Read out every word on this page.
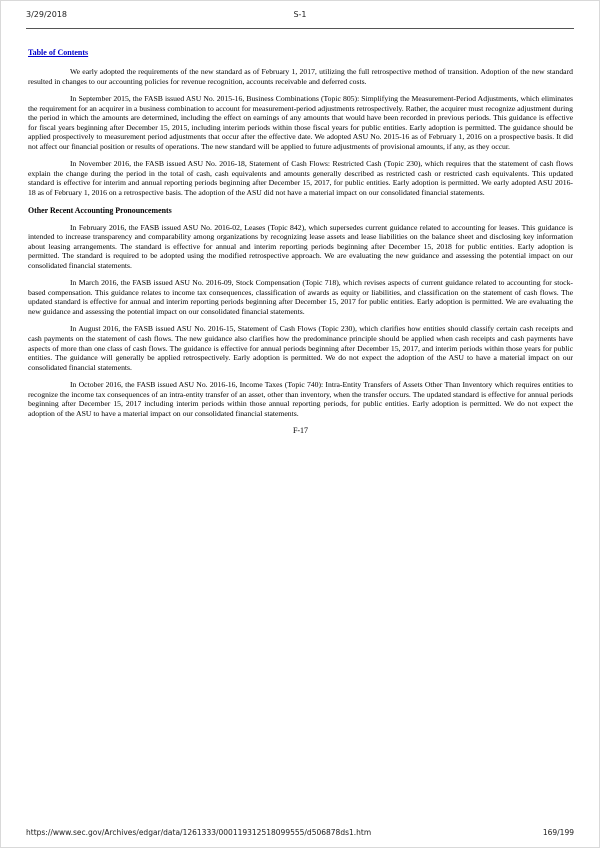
3/29/2018	S-1
Table of Contents

We early adopted the requirements of the new standard as of February 1, 2017, utilizing the full retrospective method of transition. Adoption of the new standard resulted in changes to our accounting policies for revenue recognition, accounts receivable and deferred costs.

In September 2015, the FASB issued ASU No. 2015-16, Business Combinations (Topic 805): Simplifying the Measurement-Period Adjustments, which eliminates the requirement for an acquirer in a business combination to account for measurement-period adjustments retrospectively. Rather, the acquirer must recognize adjustment during the period in which the amounts are determined, including the effect on earnings of any amounts that would have been recorded in previous periods. This guidance is effective for fiscal years beginning after December 15, 2015, including interim periods within those fiscal years for public entities. Early adoption is permitted. The guidance should be applied prospectively to measurement period adjustments that occur after the effective date. We adopted ASU No. 2015-16 as of February 1, 2016 on a prospective basis. It did not affect our financial position or results of operations. The new standard will be applied to future adjustments of provisional amounts, if any, as they occur.

In November 2016, the FASB issued ASU No. 2016-18, Statement of Cash Flows: Restricted Cash (Topic 230), which requires that the statement of cash flows explain the change during the period in the total of cash, cash equivalents and amounts generally described as restricted cash or restricted cash equivalents. This updated standard is effective for interim and annual reporting periods beginning after December 15, 2017, for public entities. Early adoption is permitted. We early adopted ASU 2016-18 as of February 1, 2016 on a retrospective basis. The adoption of the ASU did not have a material impact on our consolidated financial statements.

Other Recent Accounting Pronouncements

In February 2016, the FASB issued ASU No. 2016-02, Leases (Topic 842), which supersedes current guidance related to accounting for leases. This guidance is intended to increase transparency and comparability among organizations by recognizing lease assets and lease liabilities on the balance sheet and disclosing key information about leasing arrangements. The standard is effective for annual and interim reporting periods beginning after December 15, 2018 for public entities. Early adoption is permitted. The standard is required to be adopted using the modified retrospective approach. We are evaluating the new guidance and assessing the potential impact on our consolidated financial statements.

In March 2016, the FASB issued ASU No. 2016-09, Stock Compensation (Topic 718), which revises aspects of current guidance related to accounting for stock-based compensation. This guidance relates to income tax consequences, classification of awards as equity or liabilities, and classification on the statement of cash flows. The updated standard is effective for annual and interim reporting periods beginning after December 15, 2017 for public entities. Early adoption is permitted. We are evaluating the new guidance and assessing the potential impact on our consolidated financial statements.

In August 2016, the FASB issued ASU No. 2016-15, Statement of Cash Flows (Topic 230), which clarifies how entities should classify certain cash receipts and cash payments on the statement of cash flows. The new guidance also clarifies how the predominance principle should be applied when cash receipts and cash payments have aspects of more than one class of cash flows. The guidance is effective for annual periods beginning after December 15, 2017, and interim periods within those years for public entities. The guidance will generally be applied retrospectively. Early adoption is permitted. We do not expect the adoption of the ASU to have a material impact on our consolidated financial statements.

In October 2016, the FASB issued ASU No. 2016-16, Income Taxes (Topic 740): Intra-Entity Transfers of Assets Other Than Inventory which requires entities to recognize the income tax consequences of an intra-entity transfer of an asset, other than inventory, when the transfer occurs. The updated standard is effective for annual periods beginning after December 15, 2017 including interim periods within those annual reporting periods, for public entities. Early adoption is permitted. We do not expect the adoption of the ASU to have a material impact on our consolidated financial statements.

F-17
https://www.sec.gov/Archives/edgar/data/1261333/000119312518099555/d506878ds1.htm	169/199
